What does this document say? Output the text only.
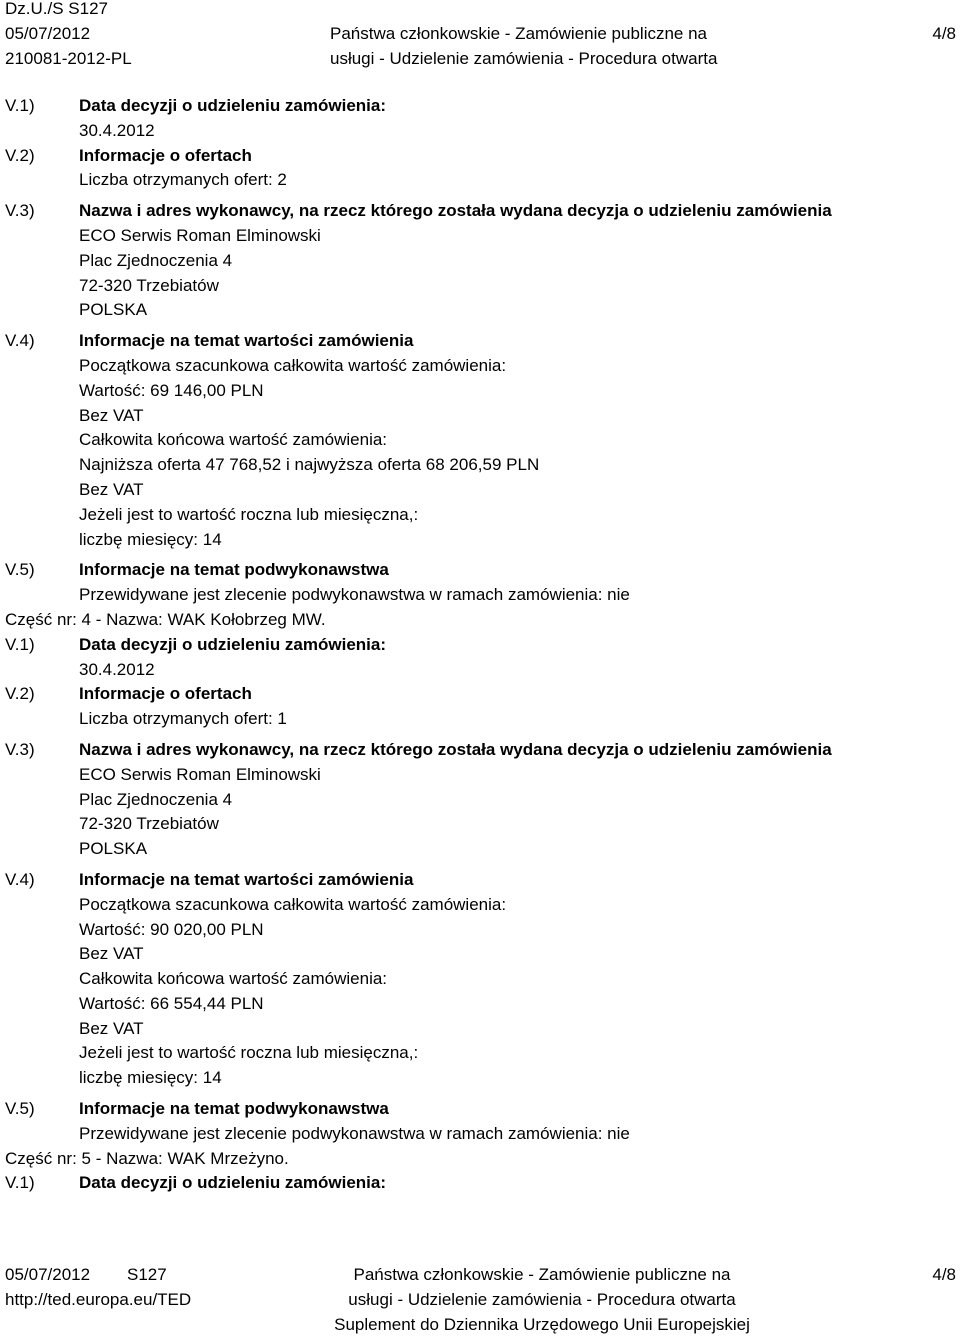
Dz.U./S S127
05/07/2012
210081-2012-PL
Państwa członkowskie - Zamówienie publiczne na
usługi - Udzielenie zamówienia - Procedura otwarta
4/8
V.1)	Data decyzji o udzieleniu zamówienia:
30.4.2012
V.2)	Informacje o ofertach
Liczba otrzymanych ofert: 2
V.3)	Nazwa i adres wykonawcy, na rzecz którego została wydana decyzja o udzieleniu zamówienia
ECO Serwis Roman Elminowski
Plac Zjednoczenia 4
72-320 Trzebiatów
POLSKA
V.4)	Informacje na temat wartości zamówienia
Początkowa szacunkowa całkowita wartość zamówienia:
Wartość: 69 146,00 PLN
Bez VAT
Całkowita końcowa wartość zamówienia:
Najniższa oferta 47 768,52 i najwyższa oferta 68 206,59 PLN
Bez VAT
Jeżeli jest to wartość roczna lub miesięczna,:
liczbę miesięcy: 14
V.5)	Informacje na temat podwykonawstwa
Przewidywane jest zlecenie podwykonawstwa w ramach zamówienia: nie
Część nr: 4 - Nazwa: WAK Kołobrzeg MW.
V.1)	Data decyzji o udzieleniu zamówienia:
30.4.2012
V.2)	Informacje o ofertach
Liczba otrzymanych ofert: 1
V.3)	Nazwa i adres wykonawcy, na rzecz którego została wydana decyzja o udzieleniu zamówienia
ECO Serwis Roman Elminowski
Plac Zjednoczenia 4
72-320 Trzebiatów
POLSKA
V.4)	Informacje na temat wartości zamówienia
Początkowa szacunkowa całkowita wartość zamówienia:
Wartość: 90 020,00 PLN
Bez VAT
Całkowita końcowa wartość zamówienia:
Wartość: 66 554,44 PLN
Bez VAT
Jeżeli jest to wartość roczna lub miesięczna,:
liczbę miesięcy: 14
V.5)	Informacje na temat podwykonawstwa
Przewidywane jest zlecenie podwykonawstwa w ramach zamówienia: nie
Część nr: 5 - Nazwa: WAK Mrzeżyno.
V.1)	Data decyzji o udzieleniu zamówienia:
05/07/2012 S127
http://ted.europa.eu/TED
Państwa członkowskie - Zamówienie publiczne na
usługi - Udzielenie zamówienia - Procedura otwarta
Suplement do Dziennika Urzędowego Unii Europejskiej
4/8
